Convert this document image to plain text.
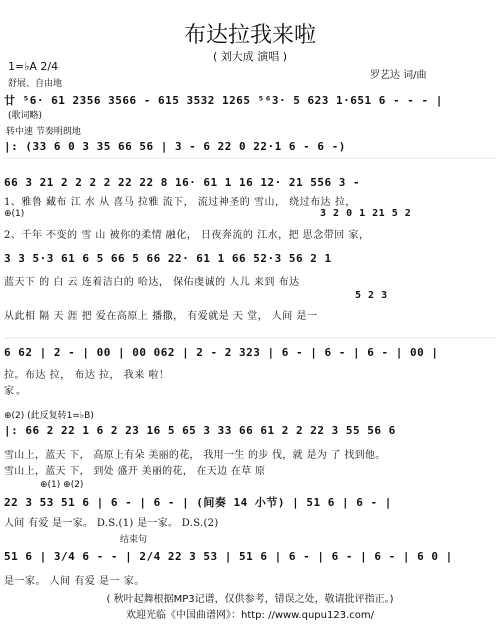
布达拉我来啦
( 刘大成 演唱 )
1=♭A 2/4
舒展、自由地
罗艺达 词/曲
廿 ⁵6· 61 2356 3566 - 615 3532 1265 ⁵⁶3· 5 623 1·651 6 - - - |
(歌词略)
转中速 节奏明朗地
|: (33 6 0 3 35 66 56 | 3 - 6 22 0 22·1 6 - 6 -)
66 3 21 2 2 2 2 22 22 8 16· 61 1 16 12· 21 556 3 -
1、雅鲁 藏布 江 水 从 喜马 拉雅 流下， 流过神圣的 雪山， 绕过布达 拉，
⊕(1)	3 2 0 1 21 5 2
2、千年 不变的 雪 山 被你的柔情 融化， 日夜奔流的 江水，把 思念带回 家，
3 3 5·3 61 6 5 66 5 66 22· 61 1 66 52·3 56 2 1
蓝天下 的 白 云 连着洁白的 哈达， 保佑虔诚的 人儿 来到 布达
5 2 3
从此相 隔 天 涯 把 爱在高原上 播撒， 有爱就是 天 堂， 人间 是一
6 62 | 2 - | 00 | 00 062 | 2 - 2 323 | 6 - | 6 - | 6 - | 00 |
拉。布达 拉， 布达 拉， 我来 啦！
家。
⊕(2) (此反复转1=♭B)
|: 66 2 22 1 6 2 23 16 5 65 3 33 66 61 2 2 22 3 55 56 6
雪山上，蓝天 下， 高原上有朵 美丽的花， 我用一生 的步 伐，就 是为 了 找到他。
雪山上，蓝天 下， 到处 盛开 美丽的花， 在天边 在草 原
⊕(1) ⊕(2)
22 3 53 51 6 | 6 - | 6 - | (间奏 14 小节) | 51 6 | 6 - |
人间 有爱 是一家。 D.S.(1) 是一家。 D.S.(2)
结束句
51 6 | 3/4 6 - - | 2/4 22 3 53 | 51 6 | 6 - | 6 - | 6 - | 6 0 |
是一家。 人间 有爱 是一 家。
( 秋叶起舞根据MP3记谱，仅供参考，错误之处，敬请批评指正。)
欢迎光临《中国曲谱网》：http: //www.qupu123.com/
